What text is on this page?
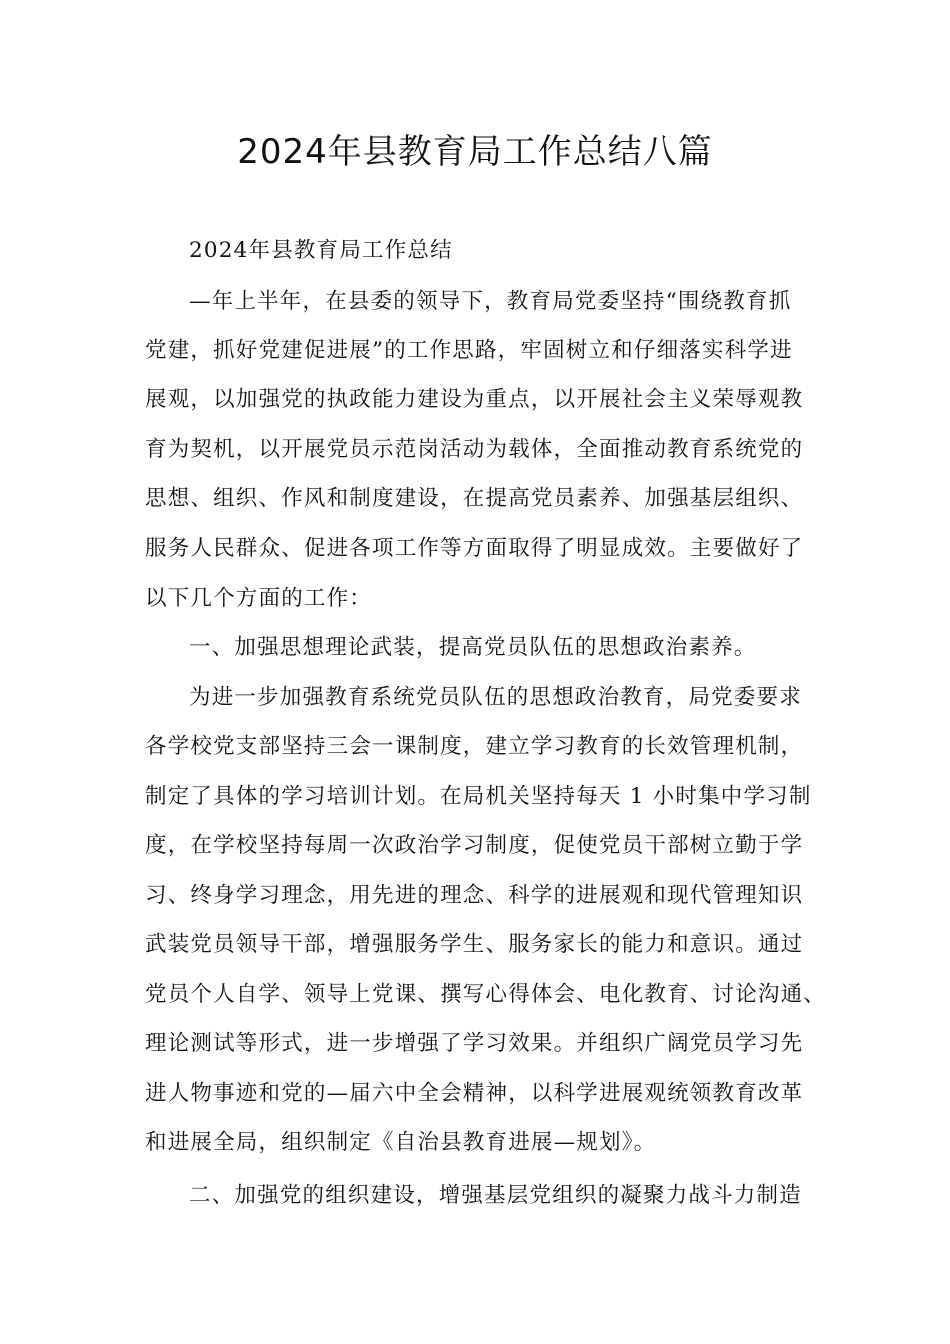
2024年县教育局工作总结八篇
2024年县教育局工作总结
—年上半年，在县委的领导下，教育局党委坚持“围绕教育抓
党建，抓好党建促进展”的工作思路，牢固树立和仔细落实科学进
展观，以加强党的执政能力建设为重点，以开展社会主义荣辱观教
育为契机，以开展党员示范岗活动为载体，全面推动教育系统党的
思想、组织、作风和制度建设，在提高党员素养、加强基层组织、
服务人民群众、促进各项工作等方面取得了明显成效。主要做好了
以下几个方面的工作：
一、加强思想理论武装，提高党员队伍的思想政治素养。
为进一步加强教育系统党员队伍的思想政治教育，局党委要求
各学校党支部坚持三会一课制度，建立学习教育的长效管理机制，
制定了具体的学习培训计划。在局机关坚持每天 1 小时集中学习制
度，在学校坚持每周一次政治学习制度，促使党员干部树立勤于学
习、终身学习理念，用先进的理念、科学的进展观和现代管理知识
武装党员领导干部，增强服务学生、服务家长的能力和意识。通过
党员个人自学、领导上党课、撰写心得体会、电化教育、讨论沟通、
理论测试等形式，进一步增强了学习效果。并组织广阔党员学习先
进人物事迹和党的—届六中全会精神，以科学进展观统领教育改革
和进展全局，组织制定《自治县教育进展—规划》。
二、加强党的组织建设，增强基层党组织的凝聚力战斗力制造
